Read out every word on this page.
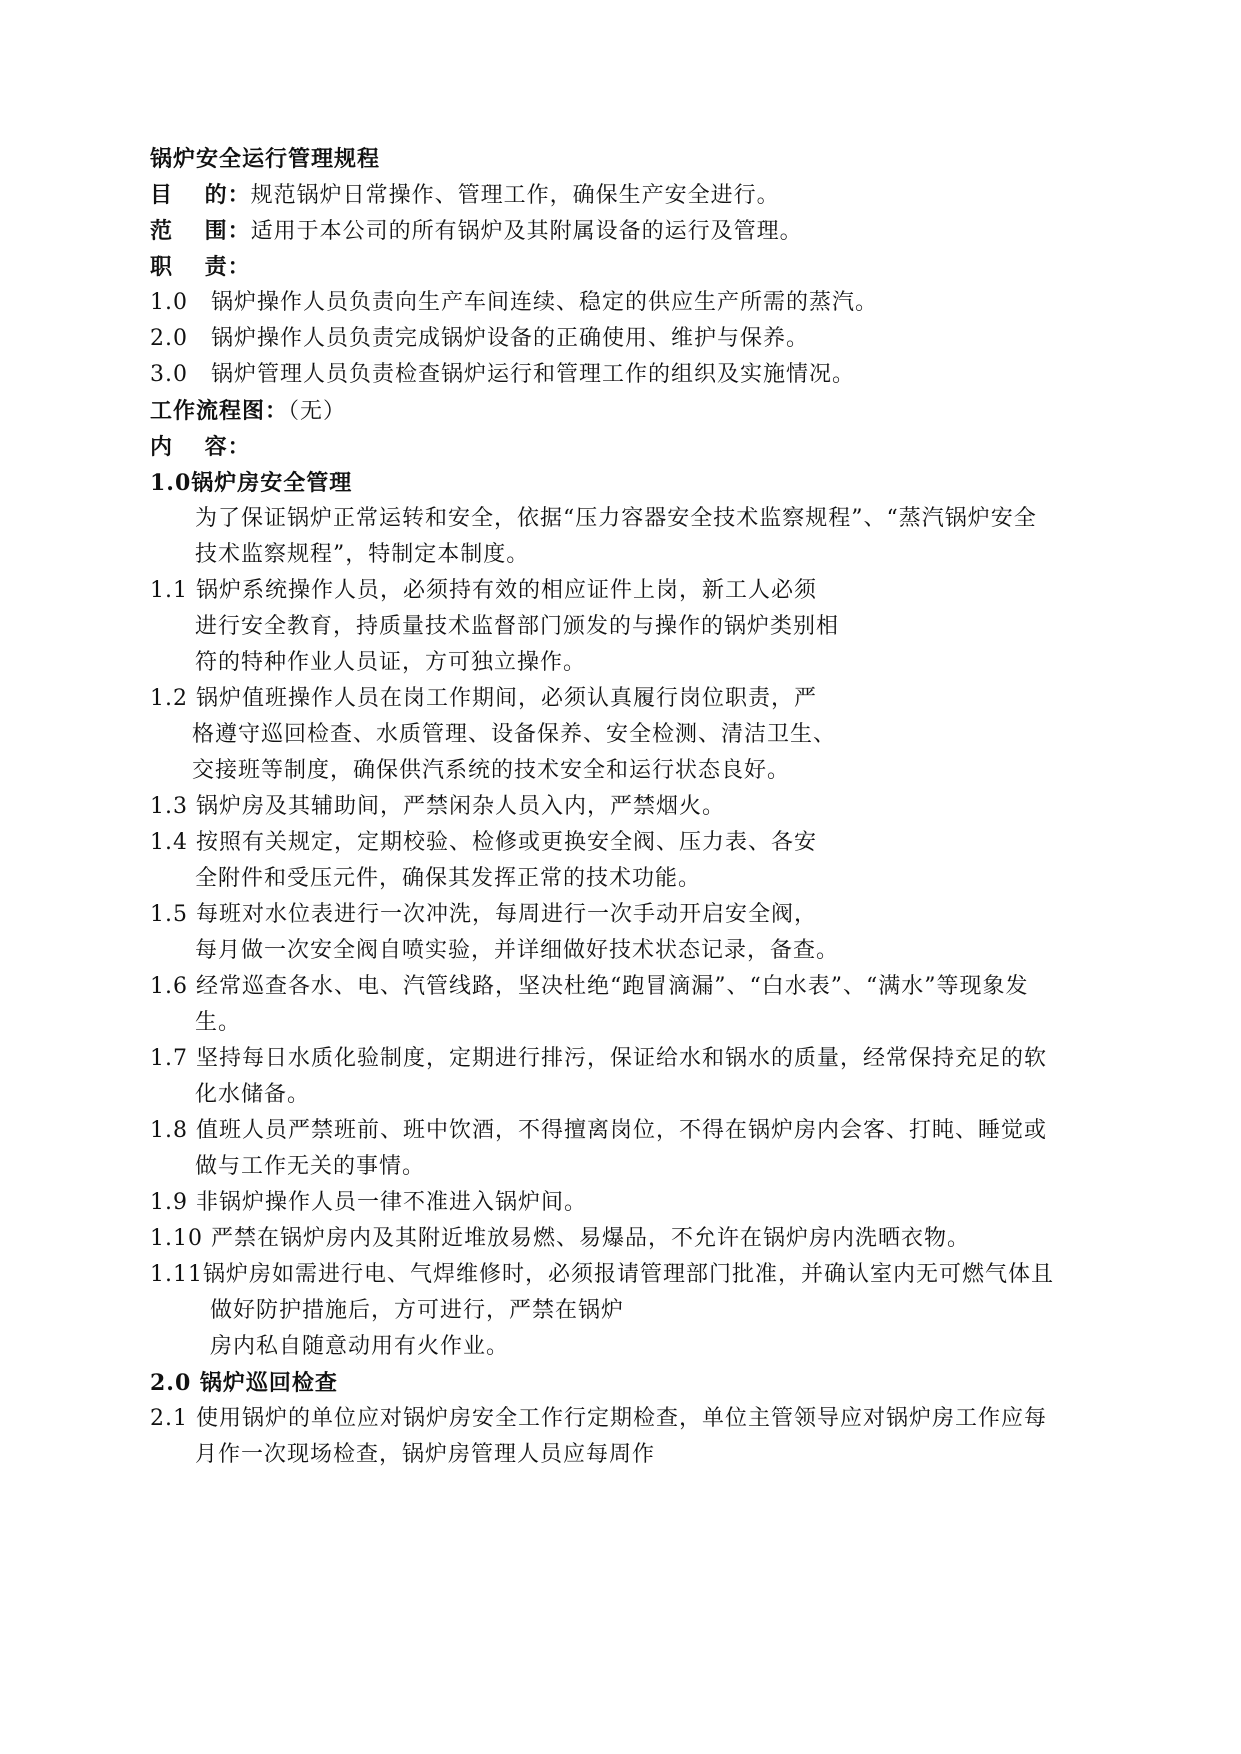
锅炉安全运行管理规程
目　 的：规范锅炉日常操作、管理工作，确保生产安全进行。
范　 围：适用于本公司的所有锅炉及其附属设备的运行及管理。
职　 责：
1.0　 锅炉操作人员负责向生产车间连续、稳定的供应生产所需的蒸汽。
2.0　 锅炉操作人员负责完成锅炉设备的正确使用、维护与保养。
3.0　 锅炉管理人员负责检查锅炉运行和管理工作的组织及实施情况。
工作流程图：（无）
内　 容：
1.0锅炉房安全管理
为了保证锅炉正常运转和安全，依据“压力容器安全技术监察规程”、“蒸汽锅炉安全
技术监察规程”，特制定本制度。
1.1 锅炉系统操作人员，必须持有效的相应证件上岗，新工人必须
进行安全教育，持质量技术监督部门颁发的与操作的锅炉类别相
符的特种作业人员证，方可独立操作。
1.2 锅炉值班操作人员在岗工作期间，必须认真履行岗位职责，严
格遵守巡回检查、水质管理、设备保养、安全检测、清洁卫生、
交接班等制度，确保供汽系统的技术安全和运行状态良好。
1.3 锅炉房及其辅助间，严禁闲杂人员入内，严禁烟火。
1.4 按照有关规定，定期校验、检修或更换安全阀、压力表、各安
全附件和受压元件，确保其发挥正常的技术功能。
1.5 每班对水位表进行一次冲洗，每周进行一次手动开启安全阀，
每月做一次安全阀自喷实验，并详细做好技术状态记录，备查。
1.6 经常巡查各水、电、汽管线路，坚决杜绝“跑冒滴漏”、“白水表”、“满水”等现象发
生。
1.7 坚持每日水质化验制度，定期进行排污，保证给水和锅水的质量，经常保持充足的软
化水储备。
1.8 值班人员严禁班前、班中饮酒，不得擅离岗位，不得在锅炉房内会客、打盹、睡觉或
做与工作无关的事情。
1.9 非锅炉操作人员一律不准进入锅炉间。
1.10 严禁在锅炉房内及其附近堆放易燃、易爆品，不允许在锅炉房内洗晒衣物。
1.11锅炉房如需进行电、气焊维修时，必须报请管理部门批准，并确认室内无可燃气体且
做好防护措施后，方可进行，严禁在锅炉
房内私自随意动用有火作业。
2.0 锅炉巡回检查
2.1 使用锅炉的单位应对锅炉房安全工作行定期检查，单位主管领导应对锅炉房工作应每
月作一次现场检查，锅炉房管理人员应每周作
